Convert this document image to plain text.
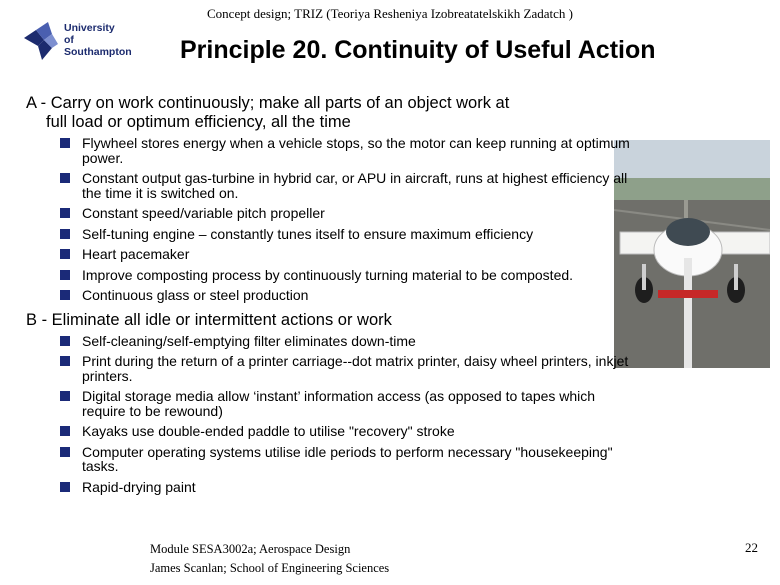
Concept design; TRIZ (Teoriya Resheniya Izobreatatelskikh Zadatch )
University
of Southampton	Principle 20. Continuity of Useful Action
A - Carry on work continuously; make all parts of an object work at
full load or optimum efficiency, all the time
Flywheel stores energy when a vehicle stops, so the motor can keep running at optimum power.
Constant output gas-turbine in hybrid car, or APU in aircraft, runs at highest efficiency all the time it is switched on.
Constant speed/variable pitch propeller
Self-tuning engine – constantly tunes itself to ensure maximum efficiency
Heart pacemaker
Improve composting process by continuously turning material to be composted.
Continuous glass or steel production
B - Eliminate all idle or intermittent actions or work
Self-cleaning/self-emptying filter eliminates down-time
Print during the return of a printer carriage--dot matrix printer, daisy wheel printers, inkjet printers.
Digital storage media allow ‘instant’ information access (as opposed to tapes which require to be rewound)
Kayaks use double-ended paddle to utilise "recovery" stroke
Computer operating systems utilise idle periods to perform necessary "housekeeping" tasks.
Rapid-drying paint
Module SESA3002a; Aerospace Design
James Scanlan; School of Engineering Sciences
22
